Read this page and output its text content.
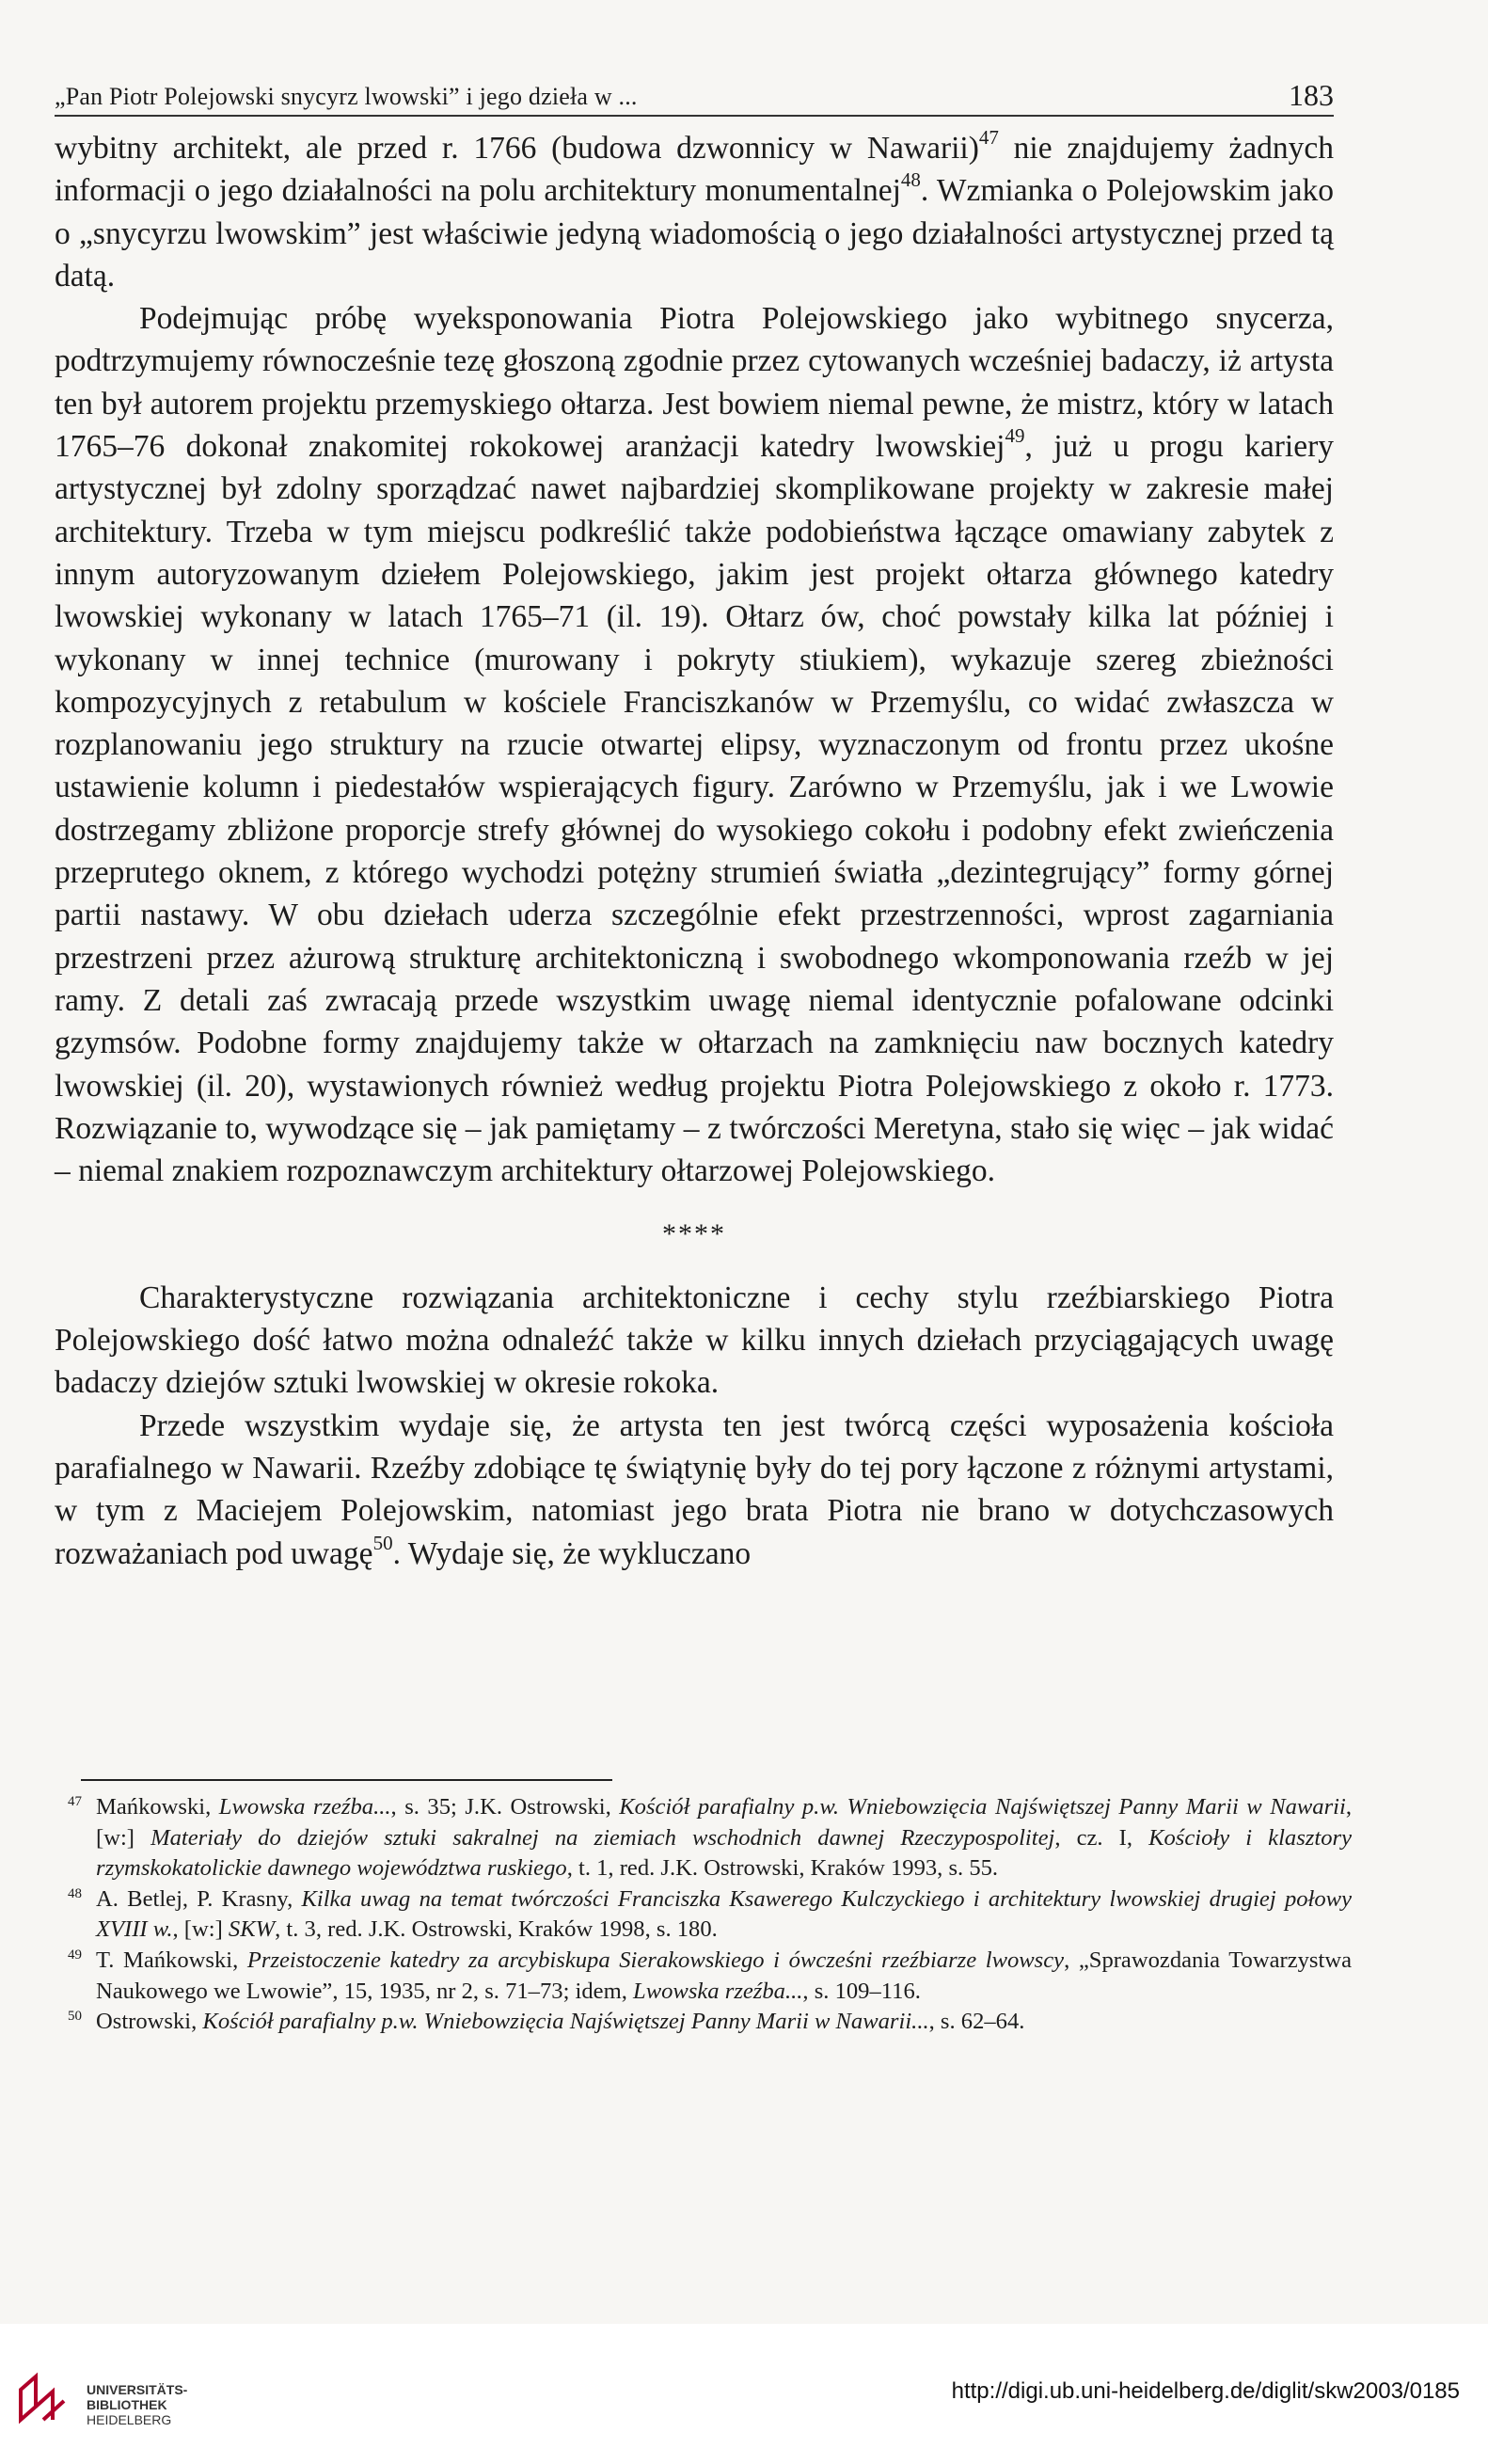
„Pan Piotr Polejowski snycyrz lwowski” i jego dzieła w ...	183

wybitny architekt, ale przed r. 1766 (budowa dzwonnicy w Nawarii)$^{47}$ nie znajdujemy żadnych informacji o jego działalności na polu architektury monumentalnej$^{48}$. Wzmianka o Polejowskim jako o „snycyrzu lwowskim” jest właściwie jedyną wiadomością o jego działalności artystycznej przed tą datą.

Podejmując próbę wyeksponowania Piotra Polejowskiego jako wybitnego snycerza, podtrzymujemy równocześnie tezę głoszoną zgodnie przez cytowanych wcześniej badaczy, iż artysta ten był autorem projektu przemyskiego ołtarza. Jest bowiem niemal pewne, że mistrz, który w latach 1765–76 dokonał znakomitej rokokowej aranżacji katedry lwowskiej$^{49}$, już u progu kariery artystycznej był zdolny sporządzać nawet najbardziej skomplikowane projekty w zakresie małej architektury. Trzeba w tym miejscu podkreślić także podobieństwa łączące omawiany zabytek z innym autoryzowanym dziełem Polejowskiego, jakim jest projekt ołtarza głównego katedry lwowskiej wykonany w latach 1765–71 (il. 19). Ołtarz ów, choć powstały kilka lat później i wykonany w innej technice (murowany i pokryty stiukiem), wykazuje szereg zbieżności kompozycyjnych z retabulum w kościele Franciszkanów w Przemyślu, co widać zwłaszcza w rozplanowaniu jego struktury na rzucie otwartej elipsy, wyznaczonym od frontu przez ukośne ustawienie kolumn i piedestałów wspierających figury. Zarówno w Przemyślu, jak i we Lwowie dostrzegamy zbliżone proporcje strefy głównej do wysokiego cokołu i podobny efekt zwieńczenia przeprutego oknem, z którego wychodzi potężny strumień światła „dezintegrujący” formy górnej partii nastawy. W obu dziełach uderza szczególnie efekt przestrzenności, wprost zagarniania przestrzeni przez ażurową strukturę architektoniczną i swobodnego wkomponowania rzeźb w jej ramy. Z detali zaś zwracają przede wszystkim uwagę niemal identycznie pofalowane odcinki gzymsów. Podobne formy znajdujemy także w ołtarzach na zamknięciu naw bocznych katedry lwowskiej (il. 20), wystawionych również według projektu Piotra Polejowskiego z około r. 1773. Rozwiązanie to, wywodzące się – jak pamiętamy – z twórczości Meretyna, stało się więc – jak widać – niemal znakiem rozpoznawczym architektury ołtarzowej Polejowskiego.

****

Charakterystyczne rozwiązania architektoniczne i cechy stylu rzeźbiarskiego Piotra Polejowskiego dość łatwo można odnaleźć także w kilku innych dziełach przyciągających uwagę badaczy dziejów sztuki lwowskiej w okresie rokoka.

Przede wszystkim wydaje się, że artysta ten jest twórcą części wyposażenia kościoła parafialnego w Nawarii. Rzeźby zdobiące tę świątynię były do tej pory łączone z różnymi artystami, w tym z Maciejem Polejowskim, natomiast jego brata Piotra nie brano w dotychczasowych rozważaniach pod uwagę$^{50}$. Wydaje się, że wykluczano

47 Mańkowski, Lwowska rzeźba..., s. 35; J.K. Ostrowski, Kościół parafialny p.w. Wniebowzięcia Najświętszej Panny Marii w Nawarii, [w:] Materiały do dziejów sztuki sakralnej na ziemiach wschodnich dawnej Rzeczypospolitej, cz. I, Kościoły i klasztory rzymskokatolickie dawnego województwa ruskiego, t. 1, red. J.K. Ostrowski, Kraków 1993, s. 55.
48 A. Betlej, P. Krasny, Kilka uwag na temat twórczości Franciszka Ksawerego Kulczyckiego i architektury lwowskiej drugiej połowy XVIII w., [w:] SKW, t. 3, red. J.K. Ostrowski, Kraków 1998, s. 180.
49 T. Mańkowski, Przeistoczenie katedry za arcybiskupa Sierakowskiego i ówcześni rzeźbiarze lwowscy, „Sprawozdania Towarzystwa Naukowego we Lwowie”, 15, 1935, nr 2, s. 71–73; idem, Lwowska rzeźba..., s. 109–116.
50 Ostrowski, Kościół parafialny p.w. Wniebowzięcia Najświętszej Panny Marii w Nawarii..., s. 62–64.
UNIVERSITÄTS-
BIBLIOTHEK
HEIDELBERG
http://digi.ub.uni-heidelberg.de/diglit/skw2003/0185
